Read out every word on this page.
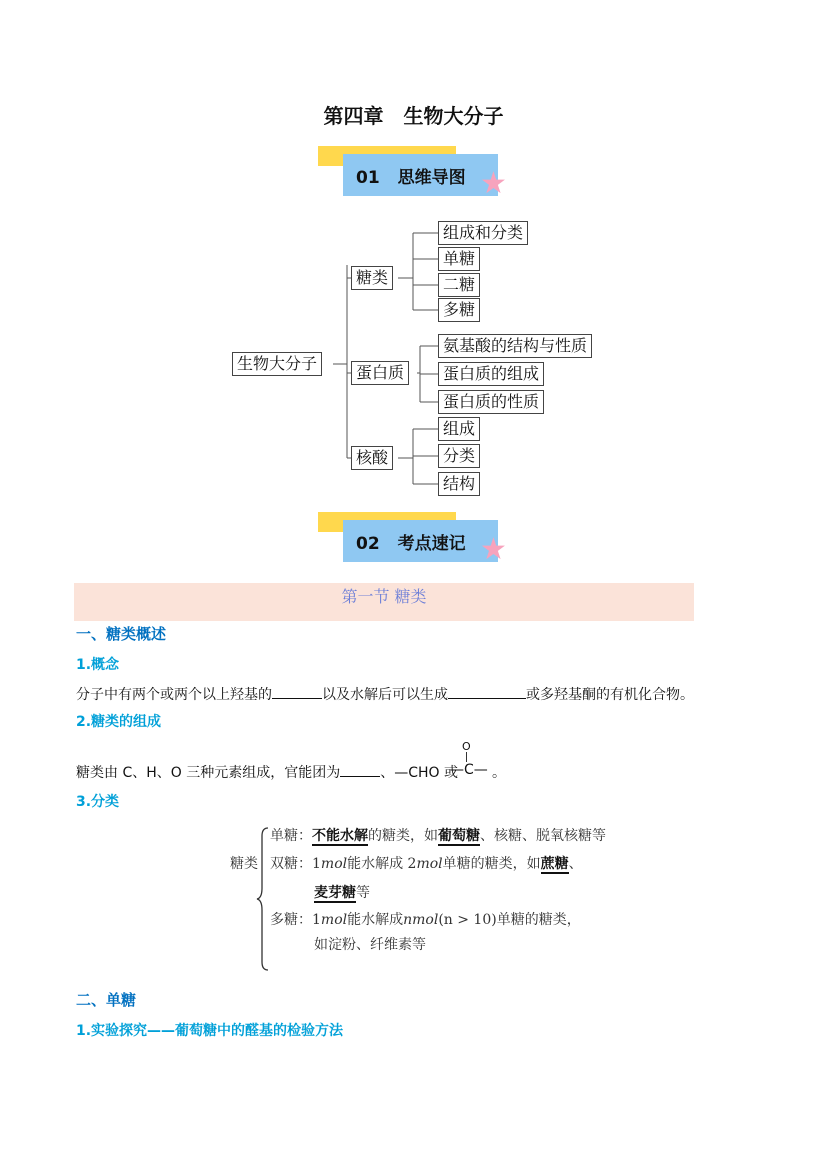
第四章　生物大分子
01 思维导图 ★
生物大分子
糖类
蛋白质
核酸
组成和分类
单糖
二糖
多糖
氨基酸的结构与性质
蛋白质的组成
蛋白质的性质
组成
分类
结构
02 考点速记 ★
第一节 糖类
一、糖类概述
1.概念
分子中有两个或两个以上羟基的	以及水解后可以生成	或多羟基酮的有机化合物。
2.糖类的组成
糖类由 C、H、O 三种元素组成，官能团为	、—CHO 或
O
—C— 。
3.分类
糖类
单糖：不能水解的糖类，如葡萄糖、核糖、脱氧核糖等
双糖：1mol能水解成 2mol单糖的糖类，如蔗糖、
麦芽糖等
多糖：1mol能水解成nmol(n > 10)单糖的糖类，
如淀粉、纤维素等
二、单糖
1.实验探究——葡萄糖中的醛基的检验方法
